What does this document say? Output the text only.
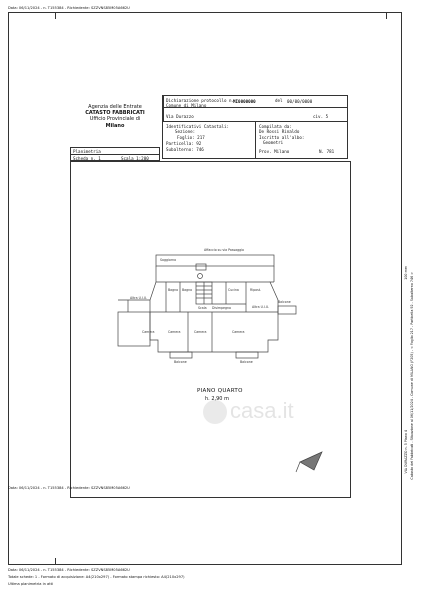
Data: 06/11/2024 - n. T155384 - Richiedente: SZZVNS85M05A662U
Agenzia delle Entrate
CATASTO FABBRICATI
Ufficio Provinciale di
Milano
Dichiarazione protocollo n.
MI0000000	del 00/00/0000
Comune di Milano
Via Durazzo	civ. 5
Identificativi Catastali:
Sezione:
Foglio: 217
Particella: 92
Subalterno: 746
Compilata da:
De Rossi Rinaldo
Iscritto all'albo:
Geometri
Prov. Milano	N. 781
Planimetria
Scheda n. 1	Scala 1:200
Affaccio su via Passaggio
Altra U.I.U.
Soggiorno
Bagno Bagno	Cucina
Camera	Camera	Camera
Disimpegno
Ripost.
Balcone	Balcone
Camera
Scala	Altra U.I.U.
Balcone
PIANO QUARTO
h. 2,90 m casa.it	Catasto dei Fabbricati - Situazione al 06/11/2024 - Comune di MILANO (F205) - < Foglio 217 - Particella 92 - Subalterno 746 >
VIA DURAZZO n. 5 Piano 4
100 mm
Data: 06/11/2024 - n. T155384 - Richiedente: SZZVNS85M05A662U
Totale schede: 1 - Formato di acquisizione: A4(210x297) - Formato stampa richiesto: A4(210x297)
Ultima planimetria in atti
Data: 06/11/2024 - n. T155384 - Richiedente: SZZVNS85M05A662U
